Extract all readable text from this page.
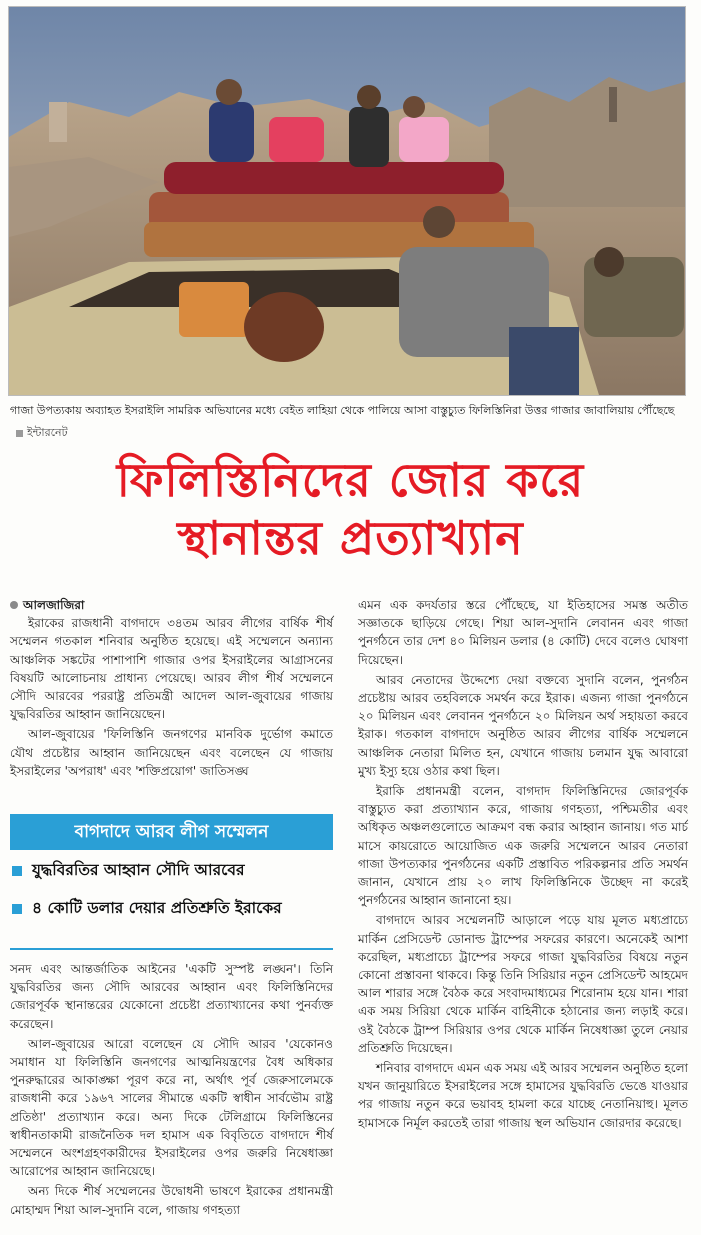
গাজা উপত্যকায় অব্যাহত ইসরাইলি সামরিক অভিযানের মধ্যে বেইত লাহিয়া থেকে পালিয়ে আসা বাস্তুচ্যুত ফিলিস্তিনিরা উত্তর গাজার জাবালিয়ায় পৌঁছেছে ইন্টারনেট
ফিলিস্তিনিদের জোর করে
স্থানান্তর প্রত্যাখ্যান
আলজাজিরা

ইরাকের রাজধানী বাগদাদে ৩৪তম আরব লীগের বার্ষিক শীর্ষ সম্মেলন গতকাল শনিবার অনুষ্ঠিত হয়েছে। এই সম্মেলনে অন্যান্য আঞ্চলিক সঙ্কটের পাশাপাশি গাজার ওপর ইসরাইলের আগ্রাসনের বিষয়টি আলোচনায় প্রাধান্য পেয়েছে। আরব লীগ শীর্ষ সম্মেলনে সৌদি আরবের পররাষ্ট্র প্রতিমন্ত্রী আদেল আল-জুবায়ের গাজায় যুদ্ধবিরতির আহ্বান জানিয়েছেন।

আল-জুবায়ের 'ফিলিস্তিনি জনগণের মানবিক দুর্ভোগ কমাতে যৌথ প্রচেষ্টার আহ্বান জানিয়েছেন এবং বলেছেন যে গাজায় ইসরাইলের 'অপরাধ' এবং 'শক্তিপ্রয়োগ' জাতিসঙ্ঘ

বাগদাদে আরব লীগ সম্মেলন
যুদ্ধবিরতির আহ্বান সৌদি আরবের
৪ কোটি ডলার দেয়ার প্রতিশ্রুতি ইরাকের

সনদ এবং আন্তর্জাতিক আইনের 'একটি সুস্পষ্ট লঙ্ঘন'। তিনি যুদ্ধবিরতির জন্য সৌদি আরবের আহ্বান এবং ফিলিস্তিনিদের জোরপূর্বক স্থানান্তরের যেকোনো প্রচেষ্টা প্রত্যাখ্যানের কথা পুনর্ব্যক্ত করেছেন।

আল-জুবায়ের আরো বলেছেন যে সৌদি আরব 'যেকোনও সমাধান যা ফিলিস্তিনি জনগণের আত্মনিয়ন্ত্রণের বৈধ অধিকার পুনরুদ্ধারের আকাঙ্ক্ষা পূরণ করে না, অর্থাৎ পূর্ব জেরুসালেমকে রাজধানী করে ১৯৬৭ সালের সীমান্তে একটি স্বাধীন সার্বভৌম রাষ্ট্র প্রতিষ্ঠা' প্রত্যাখ্যান করে। অন্য দিকে টেলিগ্রামে ফিলিস্তিনের স্বাধীনতাকামী রাজনৈতিক দল হামাস এক বিবৃতিতে বাগদাদে শীর্ষ সম্মেলনে অংশগ্রহণকারীদের ইসরাইলের ওপর জরুরি নিষেধাজ্ঞা আরোপের আহ্বান জানিয়েছে।

অন্য দিকে শীর্ষ সম্মেলনের উদ্বোধনী ভাষণে ইরাকের প্রধানমন্ত্রী মোহাম্মদ শিয়া আল-সুদানি বলে, গাজায় গণহত্যা

এমন এক কদর্যতার স্তরে পৌঁছেছে, যা ইতিহাসের সমস্ত অতীত সজ্ঞাতকে ছাড়িয়ে গেছে। শিয়া আল-সুদানি লেবানন এবং গাজা পুনর্গঠনে তার দেশ ৪০ মিলিয়ন ডলার (৪ কোটি) দেবে বলেও ঘোষণা দিয়েছেন।

আরব নেতাদের উদ্দেশ্যে দেয়া বক্তব্যে সুদানি বলেন, পুনর্গঠন প্রচেষ্টায় আরব তহবিলকে সমর্থন করে ইরাক। এজন্য গাজা পুনর্গঠনে ২০ মিলিয়ন এবং লেবানন পুনর্গঠনে ২০ মিলিয়ন অর্থ সহায়তা করবে ইরাক। গতকাল বাগদাদে অনুষ্ঠিত আরব লীগের বার্ষিক সম্মেলনে আঞ্চলিক নেতারা মিলিত হন, যেখানে গাজায় চলমান যুদ্ধ আবারো মুখ্য ইস্যু হয়ে ওঠার কথা ছিল।

ইরাকি প্রধানমন্ত্রী বলেন, বাগদাদ ফিলিস্তিনিদের জোরপূর্বক বাস্তুচ্যুত করা প্রত্যাখ্যান করে, গাজায় গণহত্যা, পশ্চিমতীর এবং অধিকৃত অঞ্চলগুলোতে আক্রমণ বন্ধ করার আহ্বান জানায়। গত মার্চ মাসে কায়রোতে আয়োজিত এক জরুরি সম্মেলনে আরব নেতারা গাজা উপত্যকার পুনর্গঠনের একটি প্রস্তাবিত পরিকল্পনার প্রতি সমর্থন জানান, যেখানে প্রায় ২০ লাখ ফিলিস্তিনিকে উচ্ছেদ না করেই পুনর্গঠনের আহ্বান জানানো হয়।

বাগদাদে আরব সম্মেলনটি আড়ালে পড়ে যায় মূলত মধ্যপ্রাচ্যে মার্কিন প্রেসিডেন্ট ডোনাল্ড ট্রাম্পের সফরের কারণে। অনেকেই আশা করেছিল, মধ্যপ্রাচ্যে ট্রাম্পের সফরে গাজা যুদ্ধবিরতির বিষয়ে নতুন কোনো প্রস্তাবনা থাকবে। কিন্তু তিনি সিরিয়ার নতুন প্রেসিডেন্ট আহমেদ আল শারার সঙ্গে বৈঠক করে সংবাদমাধ্যমের শিরোনাম হয়ে যান। শারা এক সময় সিরিয়া থেকে মার্কিন বাহিনীকে হঠানোর জন্য লড়াই করে। ওই বৈঠকে ট্রাম্প সিরিয়ার ওপর থেকে মার্কিন নিষেধাজ্ঞা তুলে নেয়ার প্রতিশ্রুতি দিয়েছেন।

শনিবার বাগদাদে এমন এক সময় এই আরব সম্মেলন অনুষ্ঠিত হলো যখন জানুয়ারিতে ইসরাইলের সঙ্গে হামাসের যুদ্ধবিরতি ভেঙে যাওয়ার পর গাজায় নতুন করে ভয়াবহ হামলা করে যাচ্ছে নেতানিয়াহু। মূলত হামাসকে নির্মূল করতেই তারা গাজায় স্থল অভিযান জোরদার করেছে।
